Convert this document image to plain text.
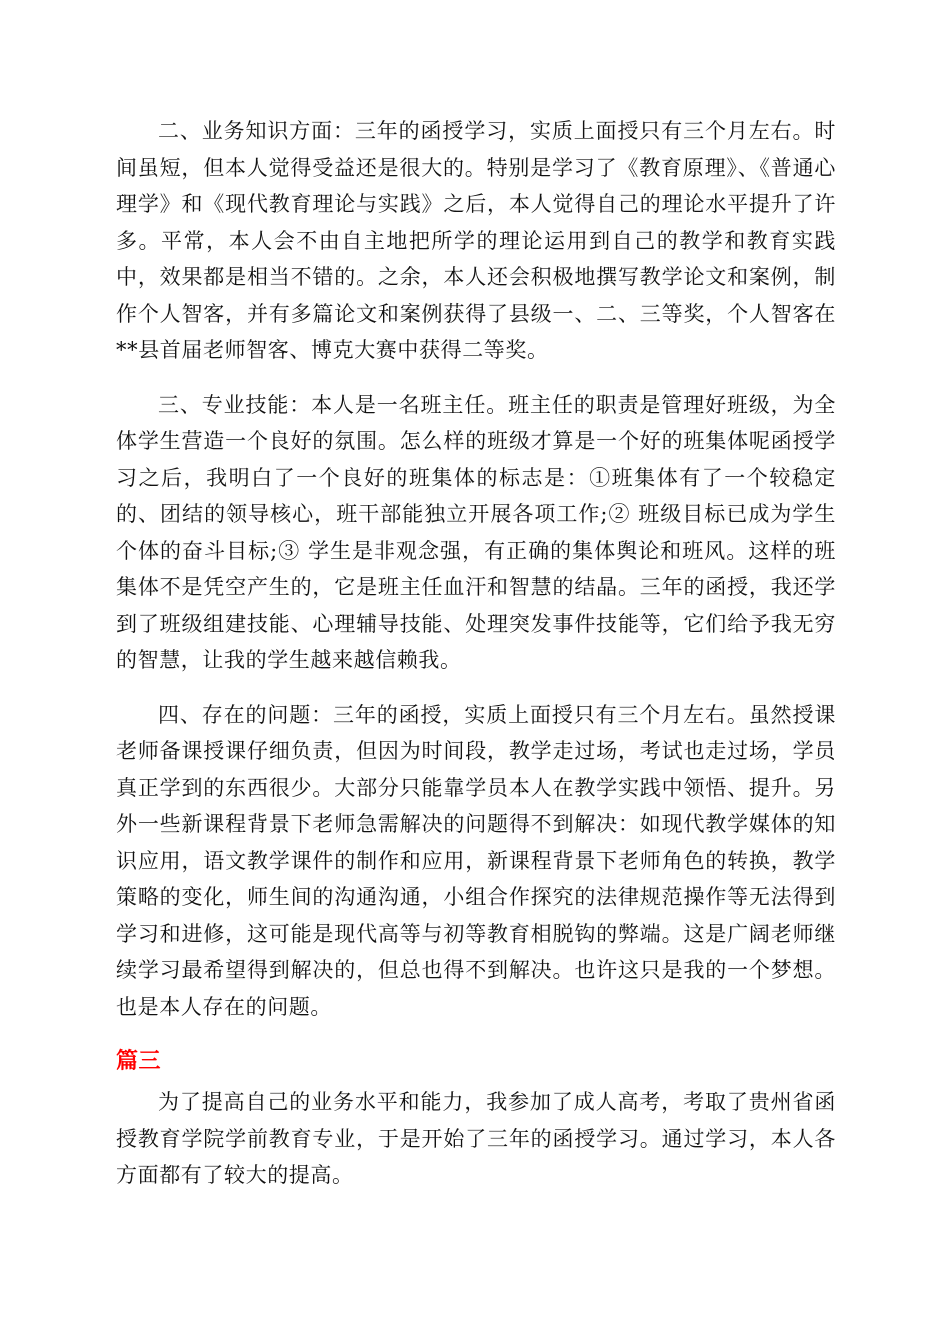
二、业务知识方面：三年的函授学习，实质上面授只有三个月左右。时间虽短，但本人觉得受益还是很大的。特别是学习了《教育原理》、《普通心理学》和《现代教育理论与实践》之后，本人觉得自己的理论水平提升了许多。平常，本人会不由自主地把所学的理论运用到自己的教学和教育实践中，效果都是相当不错的。之余，本人还会积极地撰写教学论文和案例，制作个人智客，并有多篇论文和案例获得了县级一、二、三等奖，个人智客在**县首届老师智客、博克大赛中获得二等奖。

三、专业技能：本人是一名班主任。班主任的职责是管理好班级，为全体学生营造一个良好的氛围。怎么样的班级才算是一个好的班集体呢函授学习之后，我明白了一个良好的班集体的标志是：①班集体有了一个较稳定的、团结的领导核心，班干部能独立开展各项工作;② 班级目标已成为学生个体的奋斗目标;③ 学生是非观念强，有正确的集体舆论和班风。这样的班集体不是凭空产生的，它是班主任血汗和智慧的结晶。三年的函授，我还学到了班级组建技能、心理辅导技能、处理突发事件技能等，它们给予我无穷的智慧，让我的学生越来越信赖我。

四、存在的问题：三年的函授，实质上面授只有三个月左右。虽然授课老师备课授课仔细负责，但因为时间段，教学走过场，考试也走过场，学员真正学到的东西很少。大部分只能靠学员本人在教学实践中领悟、提升。另外一些新课程背景下老师急需解决的问题得不到解决：如现代教学媒体的知识应用，语文教学课件的制作和应用，新课程背景下老师角色的转换，教学策略的变化，师生间的沟通沟通，小组合作探究的法律规范操作等无法得到学习和进修，这可能是现代高等与初等教育相脱钩的弊端。这是广阔老师继续学习最希望得到解决的，但总也得不到解决。也许这只是我的一个梦想。也是本人存在的问题。

篇三

为了提高自己的业务水平和能力，我参加了成人高考，考取了贵州省函授教育学院学前教育专业，于是开始了三年的函授学习。通过学习，本人各方面都有了较大的提高。
